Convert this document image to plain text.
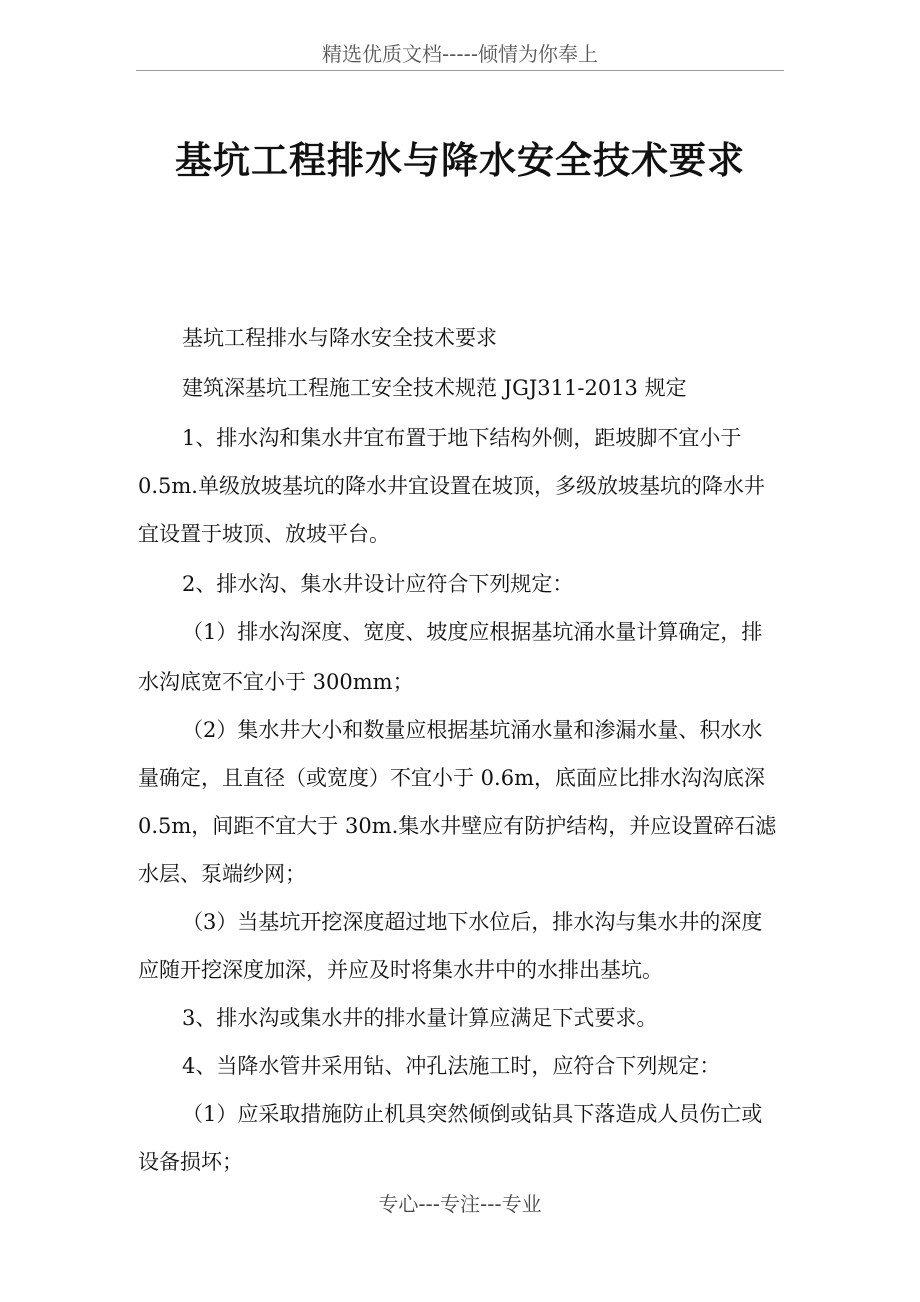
精选优质文档-----倾情为你奉上
基坑工程排水与降水安全技术要求
基坑工程排水与降水安全技术要求
建筑深基坑工程施工安全技术规范 JGJ311-2013 规定
1、排水沟和集水井宜布置于地下结构外侧，距坡脚不宜小于
0.5m.单级放坡基坑的降水井宜设置在坡顶，多级放坡基坑的降水井
宜设置于坡顶、放坡平台。
2、排水沟、集水井设计应符合下列规定：
（1）排水沟深度、宽度、坡度应根据基坑涌水量计算确定，排
水沟底宽不宜小于 300mm；
（2）集水井大小和数量应根据基坑涌水量和渗漏水量、积水水
量确定，且直径（或宽度）不宜小于 0.6m，底面应比排水沟沟底深
0.5m，间距不宜大于 30m.集水井壁应有防护结构，并应设置碎石滤
水层、泵端纱网；
（3）当基坑开挖深度超过地下水位后，排水沟与集水井的深度
应随开挖深度加深，并应及时将集水井中的水排出基坑。
3、排水沟或集水井的排水量计算应满足下式要求。
4、当降水管井采用钻、冲孔法施工时，应符合下列规定：
（1）应采取措施防止机具突然倾倒或钻具下落造成人员伤亡或
设备损坏；
专心---专注---专业
